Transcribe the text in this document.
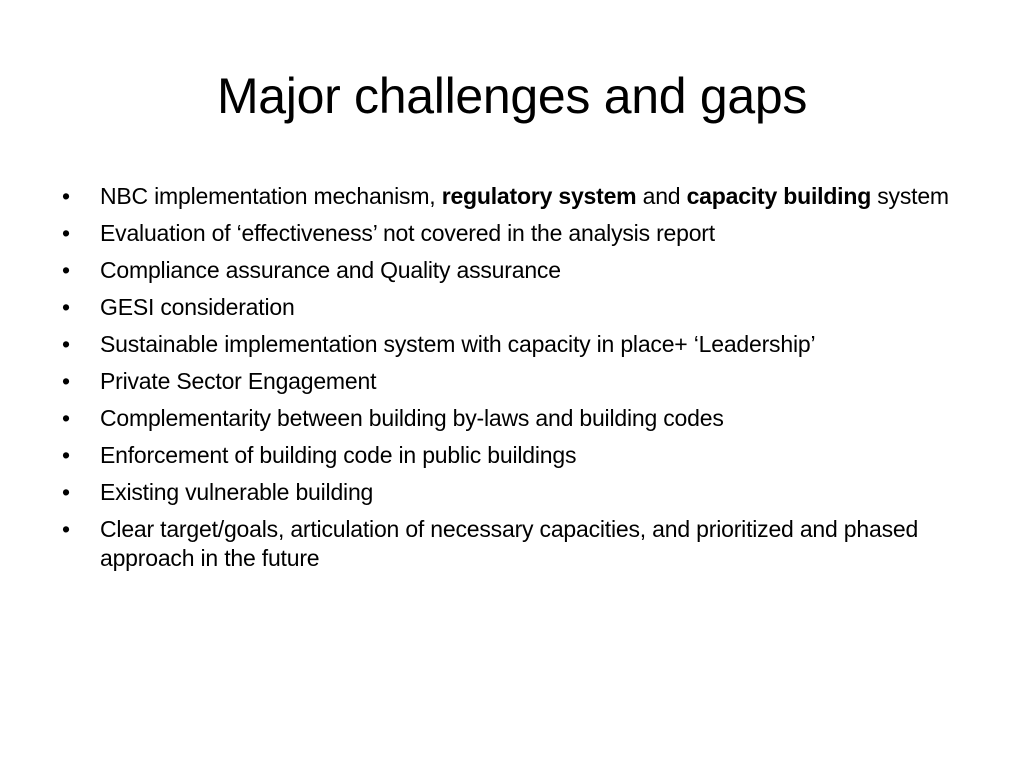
Major challenges and gaps
•	NBC implementation mechanism, regulatory system and capacity building system
•	Evaluation of ‘effectiveness’ not covered in the analysis report
•	Compliance assurance and Quality assurance
•	GESI consideration
•	Sustainable implementation system with capacity in place+ ‘Leadership’
•	Private Sector Engagement
•	Complementarity between building by-laws and building codes
•	Enforcement of building code in public buildings
•	Existing vulnerable building
•	Clear target/goals, articulation of necessary capacities, and prioritized and phased approach in the future
